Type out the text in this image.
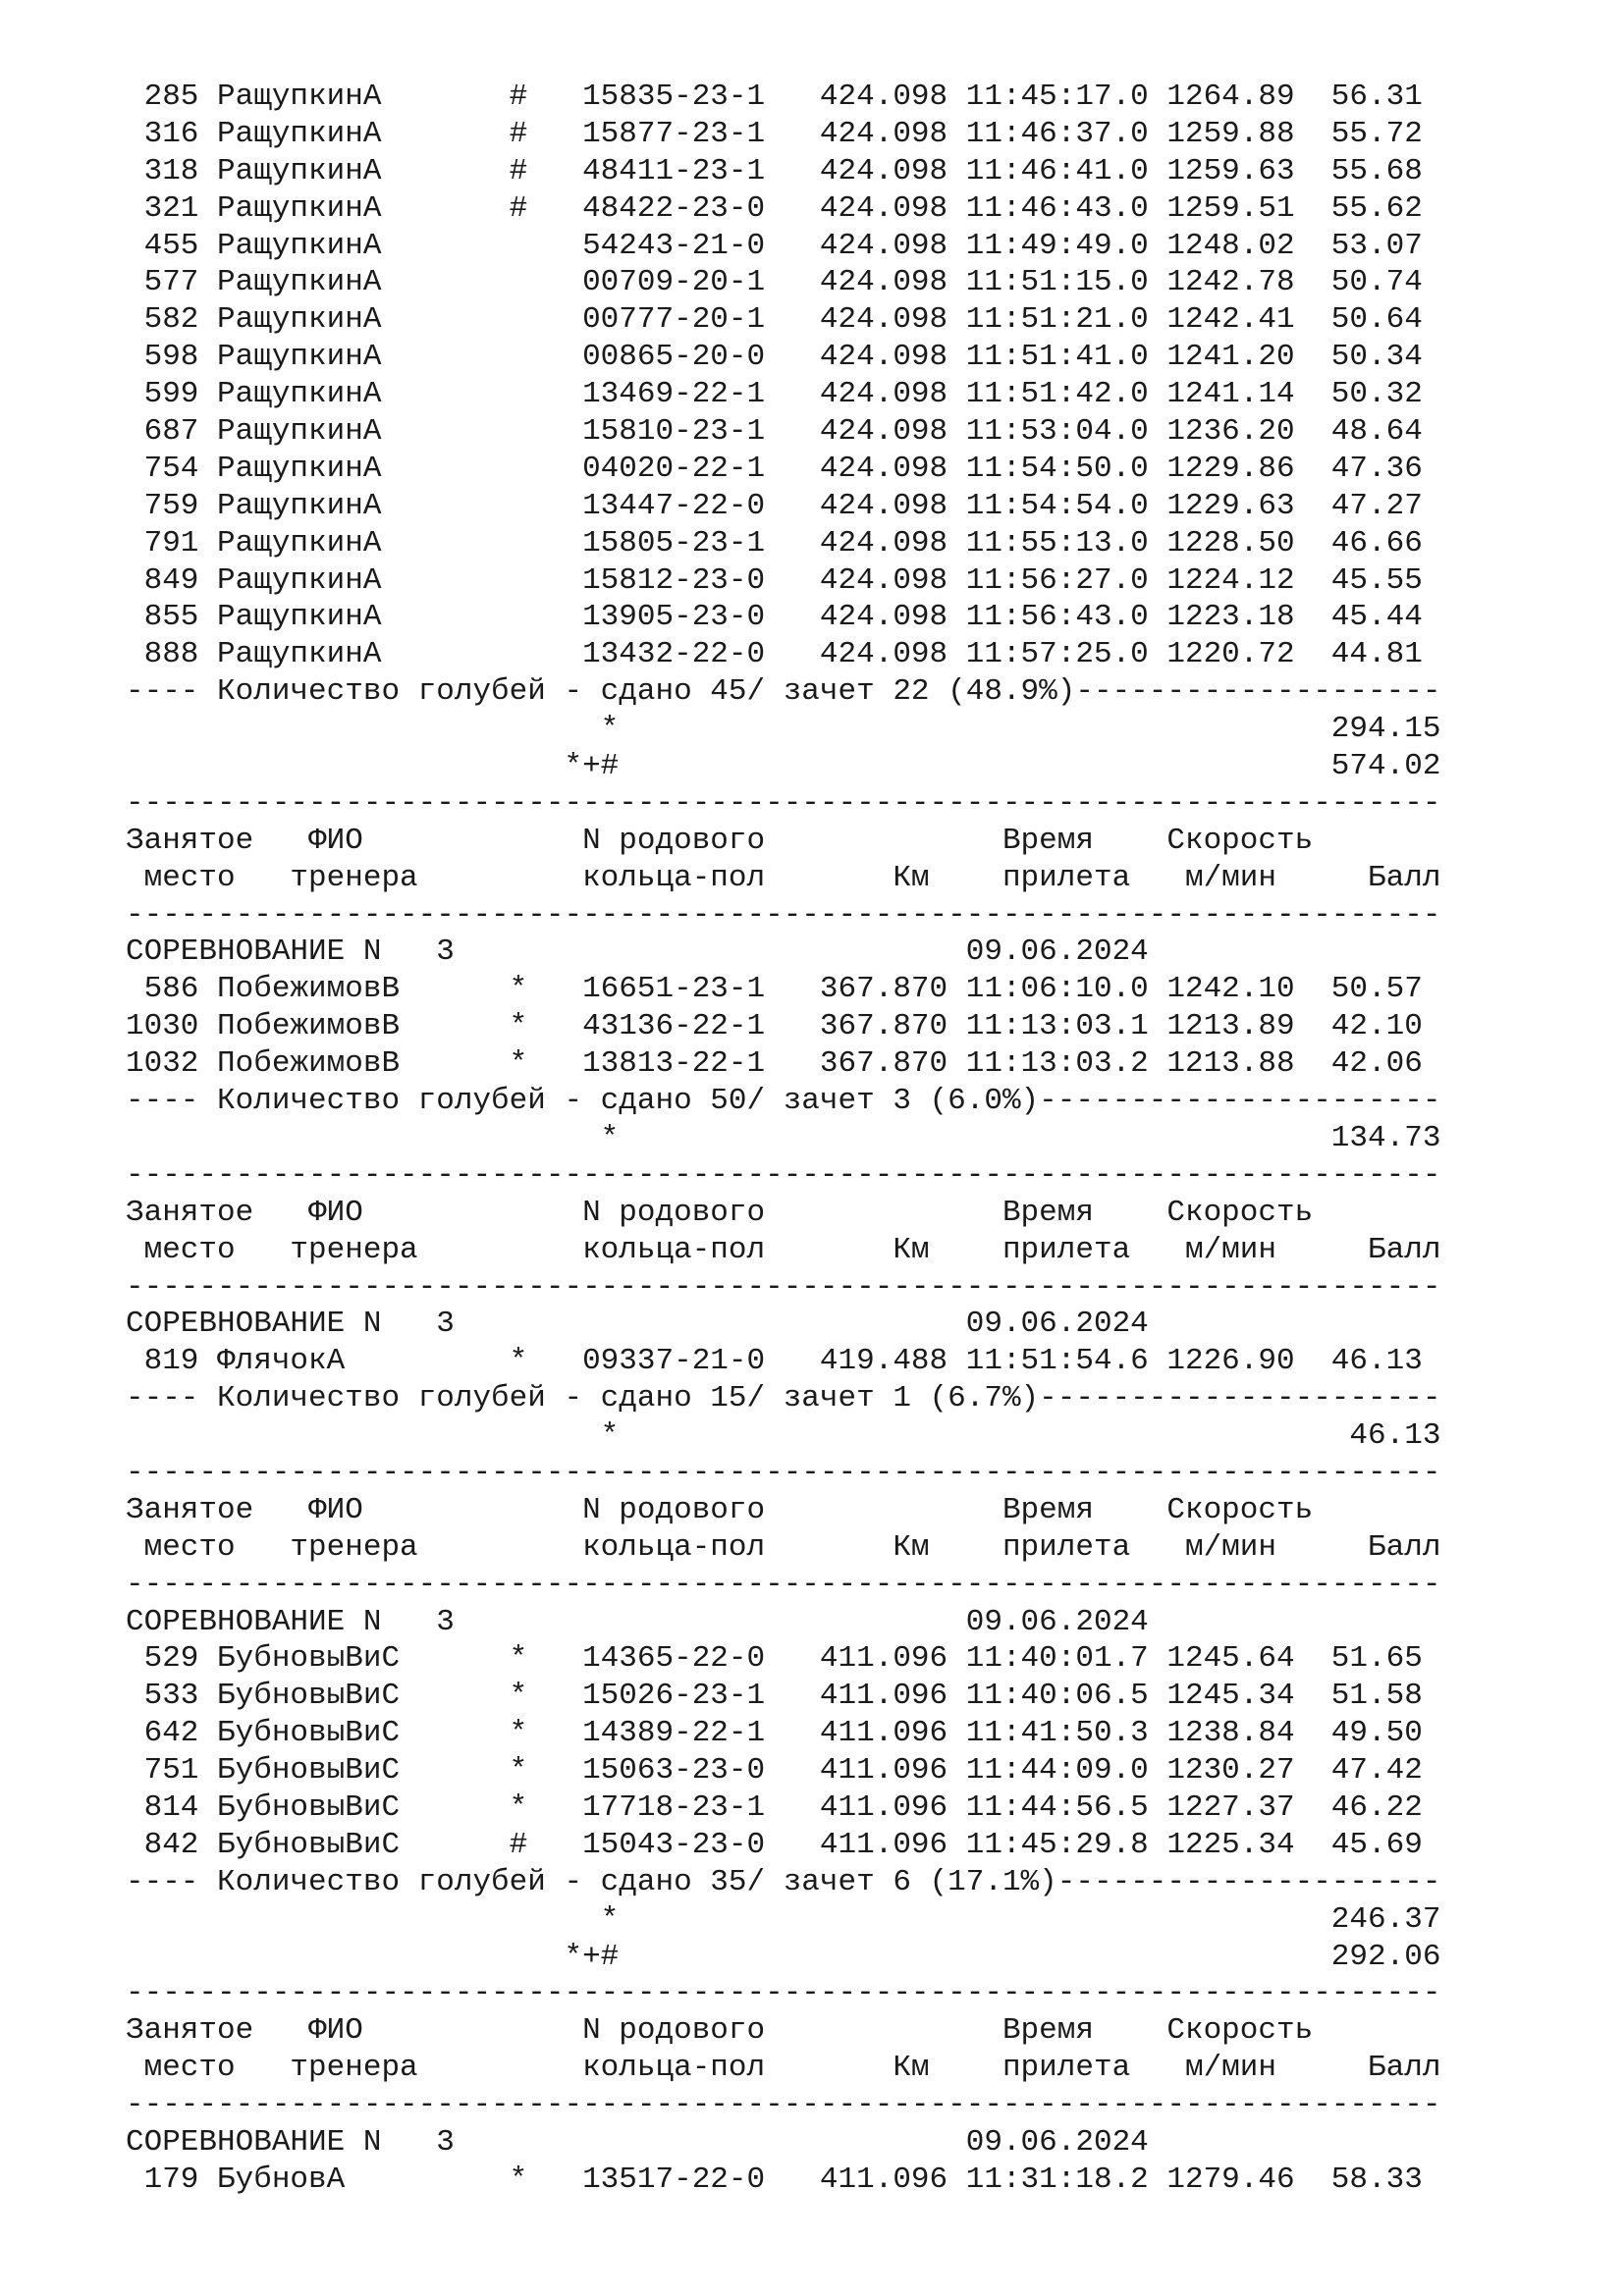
285 РащупкинА       #   15835-23-1   424.098 11:45:17.0 1264.89  56.31
316 РащупкинА       #   15877-23-1   424.098 11:46:37.0 1259.88  55.72
318 РащупкинА       #   48411-23-1   424.098 11:46:41.0 1259.63  55.68
321 РащупкинА       #   48422-23-0   424.098 11:46:43.0 1259.51  55.62
455 РащупкинА           54243-21-0   424.098 11:49:49.0 1248.02  53.07
577 РащупкинА           00709-20-1   424.098 11:51:15.0 1242.78  50.74
582 РащупкинА           00777-20-1   424.098 11:51:21.0 1242.41  50.64
598 РащупкинА           00865-20-0   424.098 11:51:41.0 1241.20  50.34
599 РащупкинА           13469-22-1   424.098 11:51:42.0 1241.14  50.32
687 РащупкинА           15810-23-1   424.098 11:53:04.0 1236.20  48.64
754 РащупкинА           04020-22-1   424.098 11:54:50.0 1229.86  47.36
759 РащупкинА           13447-22-0   424.098 11:54:54.0 1229.63  47.27
791 РащупкинА           15805-23-1   424.098 11:55:13.0 1228.50  46.66
849 РащупкинА           15812-23-0   424.098 11:56:27.0 1224.12  45.55
855 РащупкинА           13905-23-0   424.098 11:56:43.0 1223.18  45.44
888 РащупкинА           13432-22-0   424.098 11:57:25.0 1220.72  44.81
---- Количество голубей - сдано 45/ зачет 22 (48.9%)--------------------
*                                       294.15
*+#                                       574.02
------------------------------------------------------------------------
Занятое   ФИО            N родового             Время    Скорость
место   тренера         кольца-пол       Км    прилета   м/мин     Балл
------------------------------------------------------------------------
СОРЕВНОВАНИЕ N   3                            09.06.2024
586 ПобежимовВ      *   16651-23-1   367.870 11:06:10.0 1242.10  50.57
1030 ПобежимовВ      *   43136-22-1   367.870 11:13:03.1 1213.89  42.10
1032 ПобежимовВ      *   13813-22-1   367.870 11:13:03.2 1213.88  42.06
---- Количество голубей - сдано 50/ зачет 3 (6.0%)----------------------
*                                       134.73
------------------------------------------------------------------------
Занятое   ФИО            N родового             Время    Скорость
место   тренера         кольца-пол       Км    прилета   м/мин     Балл
------------------------------------------------------------------------
СОРЕВНОВАНИЕ N   3                            09.06.2024
819 ФлячокА         *   09337-21-0   419.488 11:51:54.6 1226.90  46.13
---- Количество голубей - сдано 15/ зачет 1 (6.7%)----------------------
*                                        46.13
------------------------------------------------------------------------
Занятое   ФИО            N родового             Время    Скорость
место   тренера         кольца-пол       Км    прилета   м/мин     Балл
------------------------------------------------------------------------
СОРЕВНОВАНИЕ N   3                            09.06.2024
529 БубновыВиС      *   14365-22-0   411.096 11:40:01.7 1245.64  51.65
533 БубновыВиС      *   15026-23-1   411.096 11:40:06.5 1245.34  51.58
642 БубновыВиС      *   14389-22-1   411.096 11:41:50.3 1238.84  49.50
751 БубновыВиС      *   15063-23-0   411.096 11:44:09.0 1230.27  47.42
814 БубновыВиС      *   17718-23-1   411.096 11:44:56.5 1227.37  46.22
842 БубновыВиС      #   15043-23-0   411.096 11:45:29.8 1225.34  45.69
---- Количество голубей - сдано 35/ зачет 6 (17.1%)---------------------
*                                       246.37
*+#                                       292.06
------------------------------------------------------------------------
Занятое   ФИО            N родового             Время    Скорость
место   тренера         кольца-пол       Км    прилета   м/мин     Балл
------------------------------------------------------------------------
СОРЕВНОВАНИЕ N   3                            09.06.2024
179 БубновА         *   13517-22-0   411.096 11:31:18.2 1279.46  58.33
